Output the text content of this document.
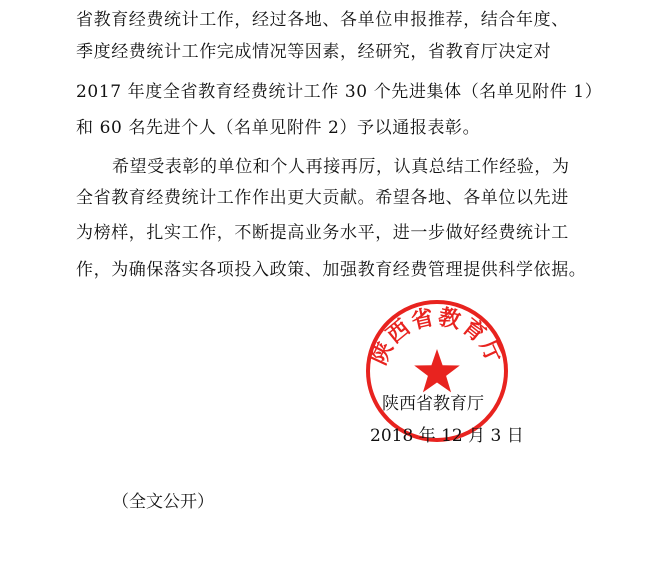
省教育经费统计工作，经过各地、各单位申报推荐，结合年度、
季度经费统计工作完成情况等因素，经研究，省教育厅决定对
2017 年度全省教育经费统计工作 30 个先进集体（名单见附件 1）
和 60 名先进个人（名单见附件 2）予以通报表彰。
希望受表彰的单位和个人再接再厉，认真总结工作经验，为
全省教育经费统计工作作出更大贡献。希望各地、各单位以先进
为榜样，扎实工作，不断提高业务水平，进一步做好经费统计工
作，为确保落实各项投入政策、加强教育经费管理提供科学依据。
陕西省教育厅
陕西省教育厅
2018 年 12 月 3 日
（全文公开）
